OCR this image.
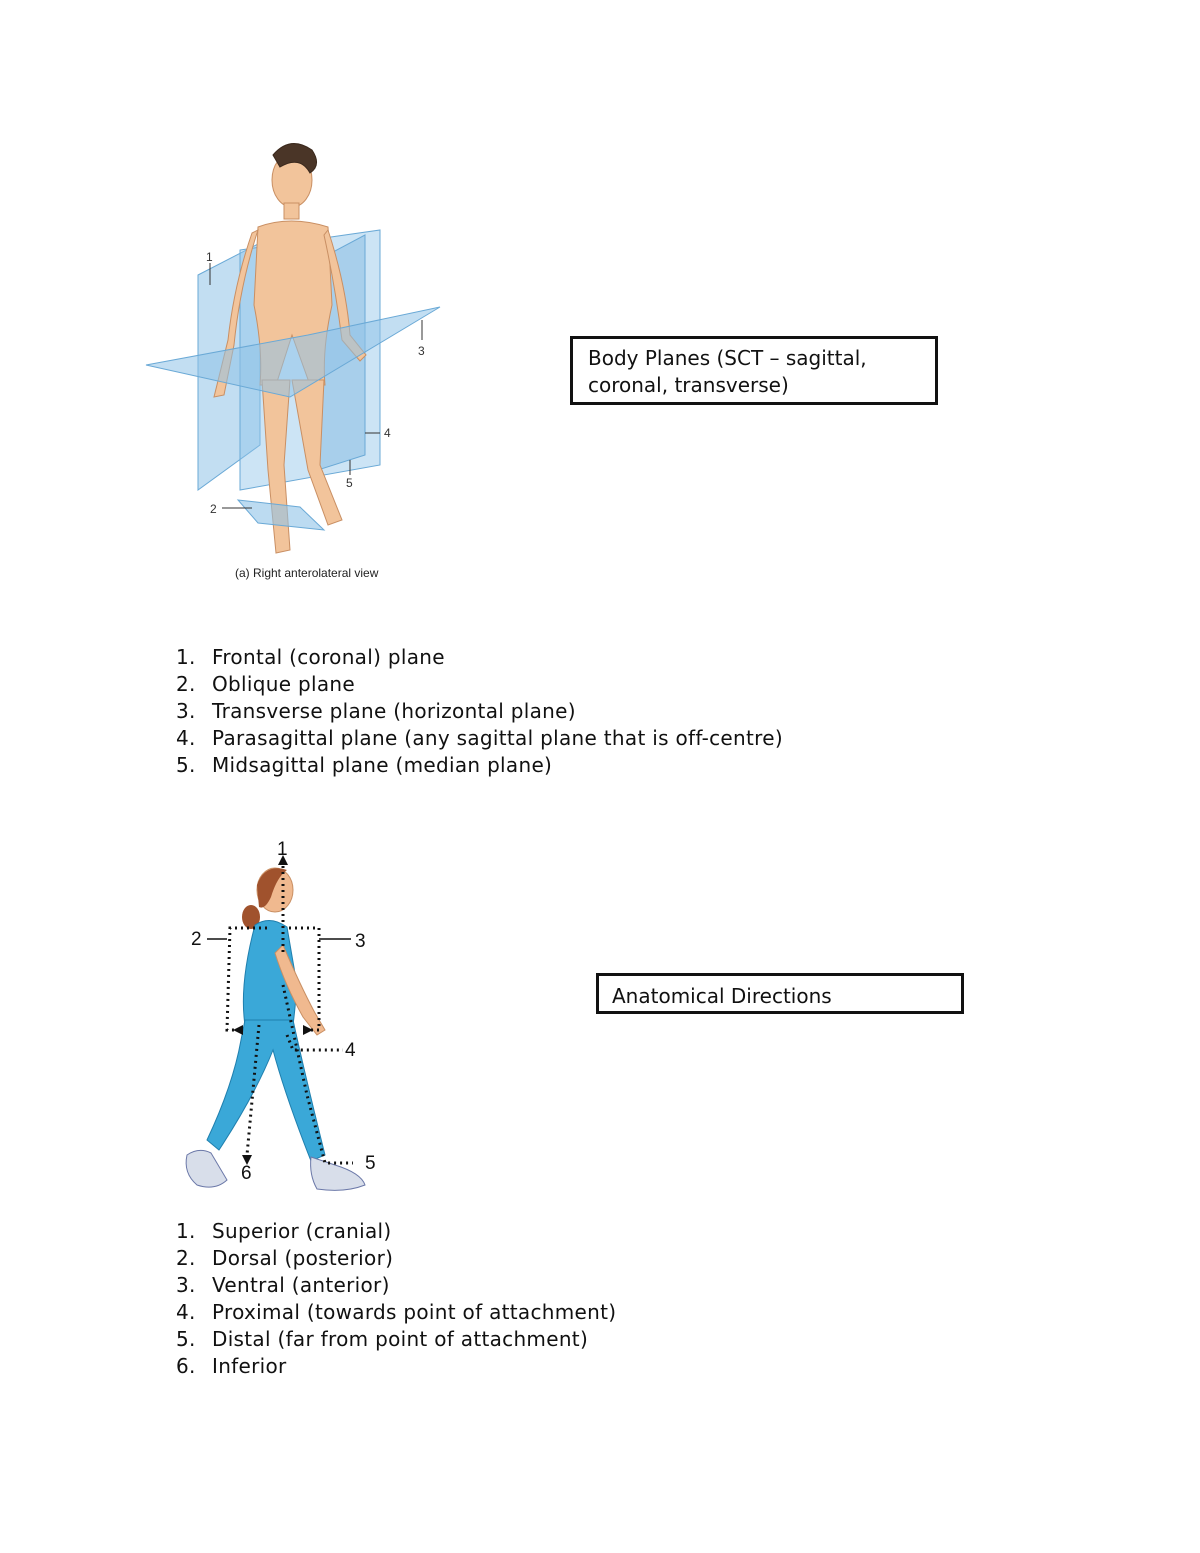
1
3
4
5
2
(a) Right anterolateral view
Body Planes (SCT – sagittal,
coronal, transverse)
1. Frontal (coronal) plane
2. Oblique plane
3. Transverse plane (horizontal plane)
4. Parasagittal plane (any sagittal plane that is off-centre)
5. Midsagittal plane (median plane)
1
2	3
4
5
6
Anatomical Directions
1. Superior (cranial)
2. Dorsal (posterior)
3. Ventral (anterior)
4. Proximal (towards point of attachment)
5. Distal (far from point of attachment)
6. Inferior
